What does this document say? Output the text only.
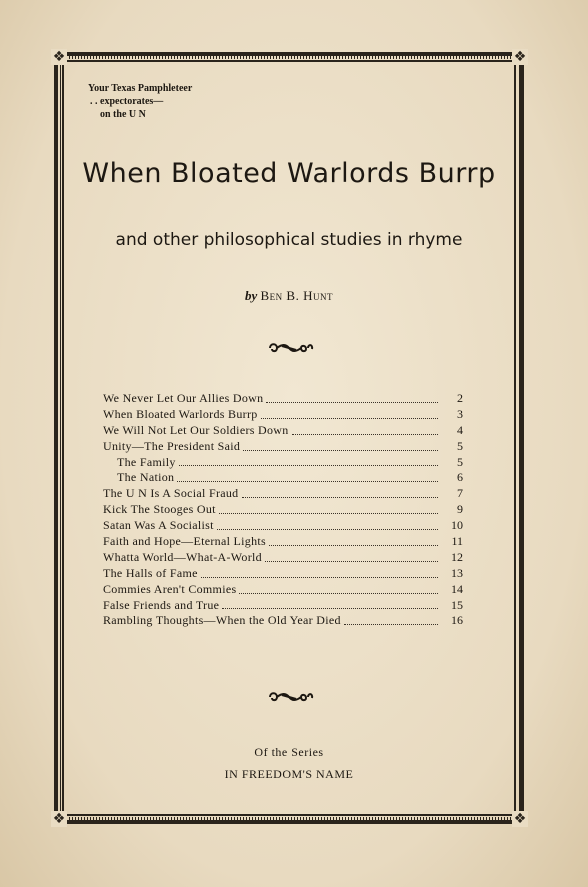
❖	❖
❖	❖
Your Texas Pamphleteer
. . expectorates—
on the U N
When Bloated Warlords Burrp
and other philosophical studies in rhyme
by Ben B. Hunt
We Never Let Our Allies Down	2
When Bloated Warlords Burrp	3
We Will Not Let Our Soldiers Down	4
Unity—The President Said	5
The Family	5
The Nation	6
The U N Is A Social Fraud	7
Kick The Stooges Out	9
Satan Was A Socialist	10
Faith and Hope—Eternal Lights	11
Whatta World—What-A-World	12
The Halls of Fame	13
Commies Aren't Commies	14
False Friends and True	15
Rambling Thoughts—When the Old Year Died	16
Of the Series
IN FREEDOM'S NAME
